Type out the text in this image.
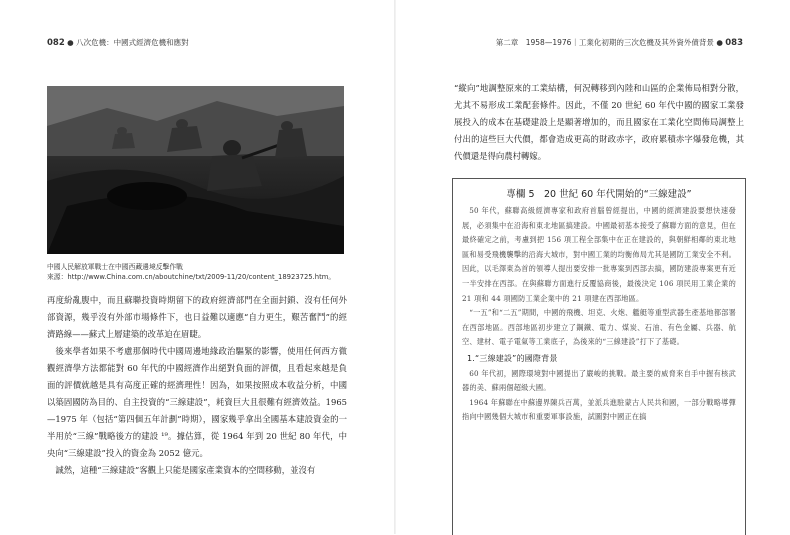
082 ● 八次危機：中國式經濟危機和應對	第二章　1958—1976｜工業化初期的三次危機及其外資外債背景 ● 083
中國人民解放軍戰士在中國西藏邊境反擊作戰
來源：http://www.China.com.cn/aboutchine/txt/2009-11/20/content_18923725.htm。

再度紛亂腹中，而且蘇聯投資時期留下的政府經濟部門在全面封鎖、沒有任何外部資源，幾乎沒有外部市場條件下，也日益難以適應“自力更生，艱苦奮鬥”的經濟路線——蘇式上層建築的改革迫在眉睫。

後來學者如果不考慮那個時代中國周邊地緣政治驅緊的影響，使用任何西方微觀經濟學方法都能對 60 年代的中國經濟作出絕對負面的評價，且看起來越是負面的評價就越是具有高度正確的經濟理性！因為，如果按照成本收益分析，中國以築固國防為目的、自主投資的“三線建設”，耗資巨大且很難有經濟效益。1965—1975 年（包括“第四個五年計劃”時期），國家幾乎拿出全國基本建設資金的一半用於“三線”戰略後方的建設 ¹⁹。據估算，從 1964 年到 20 世紀 80 年代，中央向“三線建設”投入的資金為 2052 億元。

誠然，這種“三線建設”客觀上只能是國家產業資本的空間移動，並沒有

“縱向”地調整原來的工業結構，何況轉移到內陸和山區的企業佈局相對分散，尤其不易形成工業配套條件。因此，不僅 20 世紀 60 年代中國的國家工業發展投入的成本在基礎建設上是顯著增加的，而且國家在工業化空間佈局調整上付出的這些巨大代價，都會造成更高的財政赤字，政府累積赤字爆發危機，其代價還是得向農村轉嫁。

專欄 5　20 世紀 60 年代開始的“三線建設”

50 年代，蘇聯高級經濟專家和政府首腦曾經提出，中國的經濟建設要想快速發展，必須集中在沿海和東北地區搞建設。中國最初基本接受了蘇聯方面的意見，但在最終確定之前，考慮到把 156 項工程全部集中在正在建設的，與朝鮮相鄰的東北地區和易受飛機襲擊的沿海大城市，對中國工業的均衡佈局尤其是國防工業安全不利。因此，以毛澤東為首的領導人提出要安排一批專案到西部去搞，國防建設專案更有近一半安排在西部。在與蘇聯方面進行反覆協商後，最後決定 106 項民用工業企業的 21 項和 44 項國防工業企業中的 21 項建在西部地區。

“一五”和“二五”期間，中國的飛機、坦克、火炮、艦艇等重型武器生產基地都部署在西部地區。西部地區初步建立了鋼鐵、電力、煤炭、石油、有色金屬、兵器、航空、建材、電子電氣等工業底子，為後來的“三線建設”打下了基礎。

1.“三線建設”的國際背景

60 年代初，國際環境對中國提出了嚴峻的挑戰。最主要的威脅來自手中握有核武器的美、蘇兩個超級大國。

1964 年蘇聯在中蘇邊界陳兵百萬，並派兵進駐蒙古人民共和國，一部分戰略導彈指向中國幾個大城市和重要軍事設施，試圖對中國正在搞
